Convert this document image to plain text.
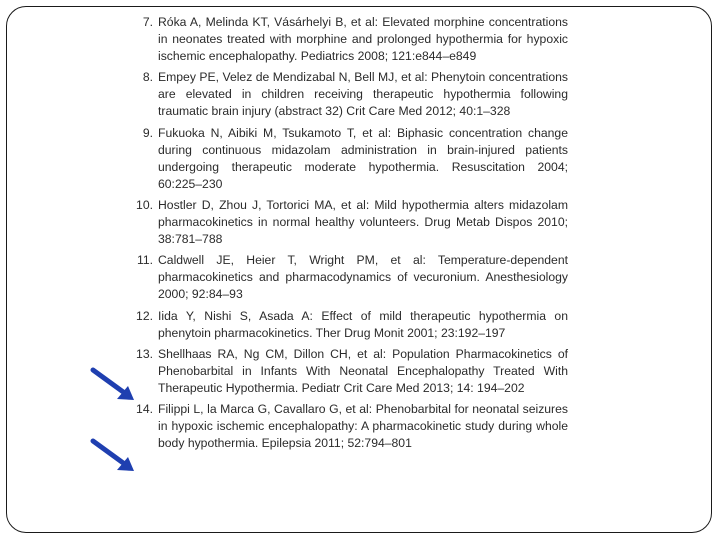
7. Róka A, Melinda KT, Vásárhelyi B, et al: Elevated morphine concentrations in neonates treated with morphine and prolonged hypothermia for hypoxic ischemic encephalopathy. Pediatrics 2008; 121:e844–e849
8. Empey PE, Velez de Mendizabal N, Bell MJ, et al: Phenytoin concentrations are elevated in children receiving therapeutic hypothermia following traumatic brain injury (abstract 32) Crit Care Med 2012; 40:1–328
9. Fukuoka N, Aibiki M, Tsukamoto T, et al: Biphasic concentration change during continuous midazolam administration in brain-injured patients undergoing therapeutic moderate hypothermia. Resuscitation 2004; 60:225–230
10. Hostler D, Zhou J, Tortorici MA, et al: Mild hypothermia alters midazolam pharmacokinetics in normal healthy volunteers. Drug Metab Dispos 2010; 38:781–788
11. Caldwell JE, Heier T, Wright PM, et al: Temperature-dependent pharmacokinetics and pharmacodynamics of vecuronium. Anesthesiology 2000; 92:84–93
12. Iida Y, Nishi S, Asada A: Effect of mild therapeutic hypothermia on phenytoin pharmacokinetics. Ther Drug Monit 2001; 23:192–197
13. Shellhaas RA, Ng CM, Dillon CH, et al: Population Pharmacokinetics of Phenobarbital in Infants With Neonatal Encephalopathy Treated With Therapeutic Hypothermia. Pediatr Crit Care Med 2013; 14: 194–202
14. Filippi L, la Marca G, Cavallaro G, et al: Phenobarbital for neonatal seizures in hypoxic ischemic encephalopathy: A pharmacokinetic study during whole body hypothermia. Epilepsia 2011; 52:794–801
